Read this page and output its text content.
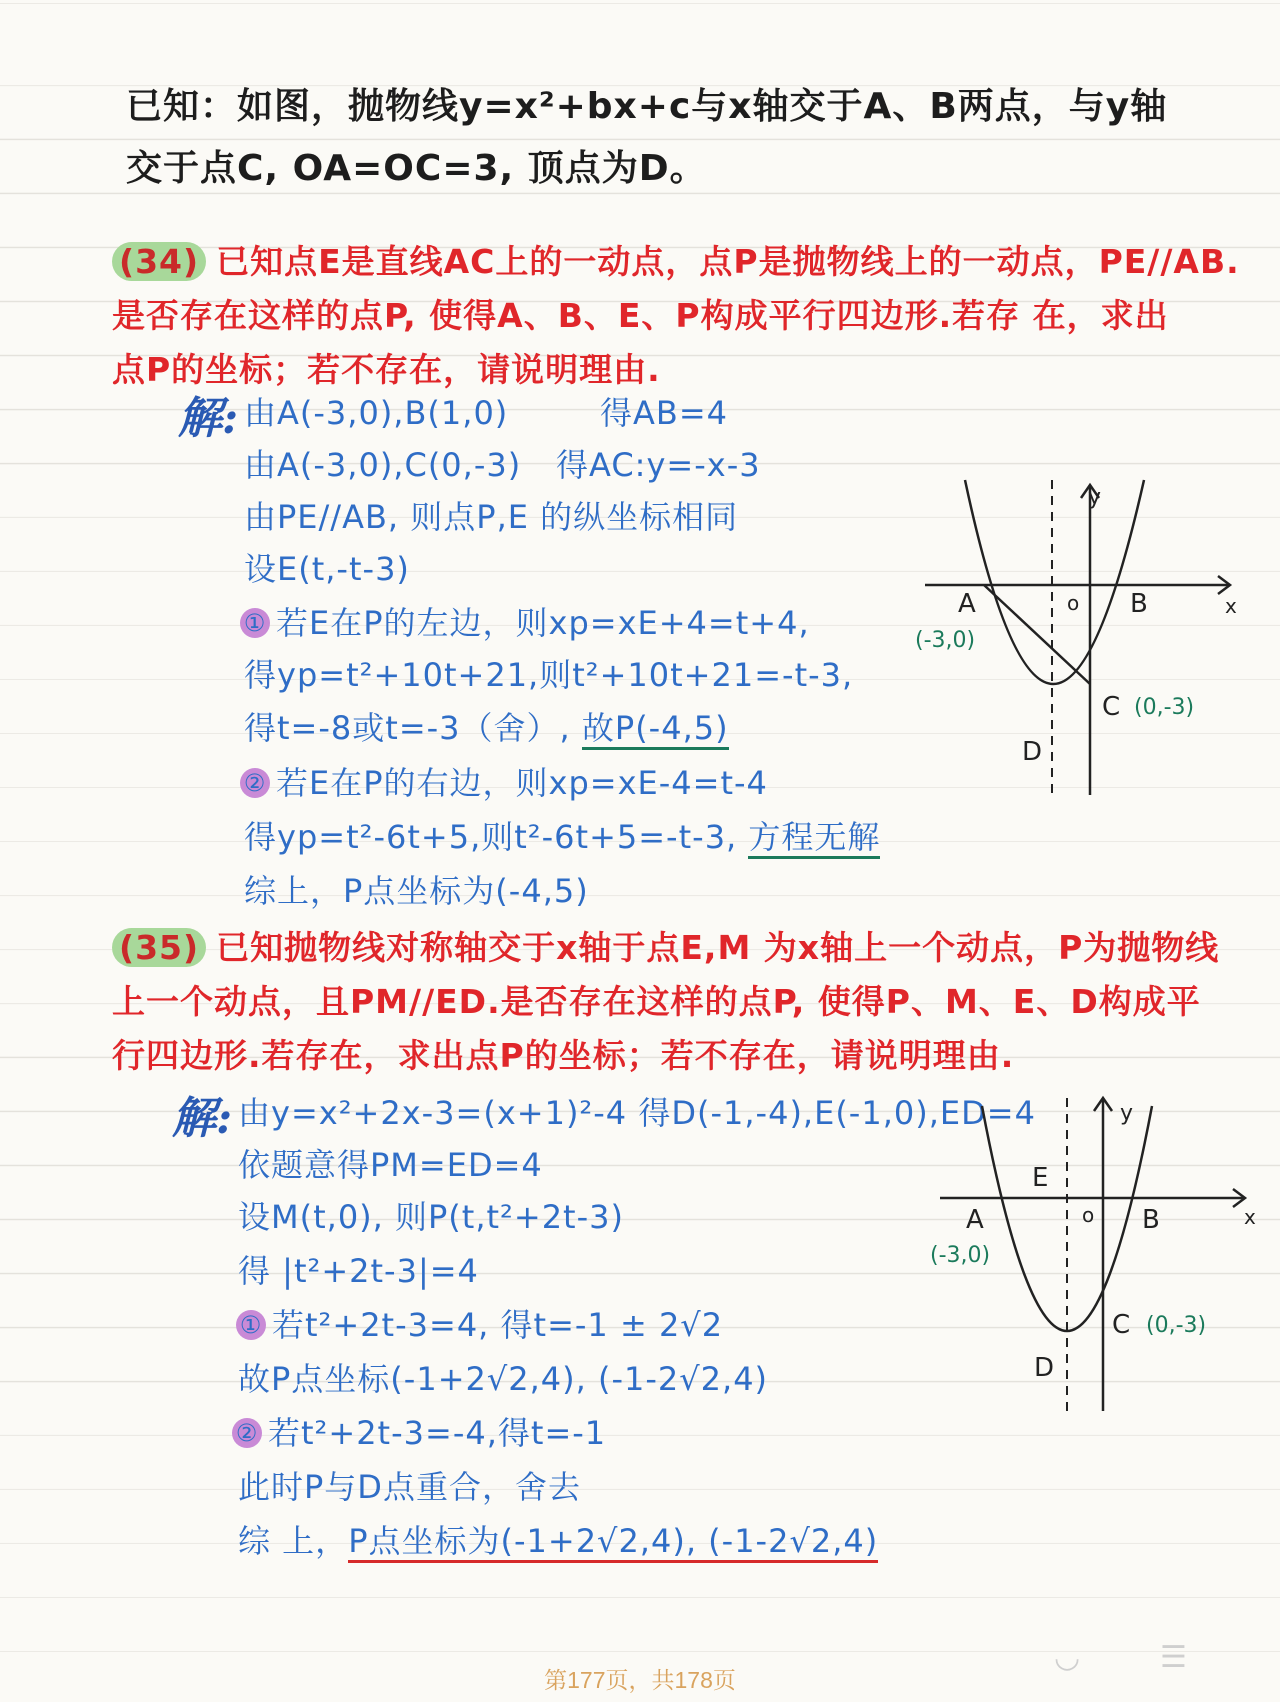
已知：如图，抛物线y=x²+bx+c与x轴交于A、B两点，与y轴
交于点C, OA=OC=3, 顶点为D。
(34) 已知点E是直线AC上的一动点，点P是抛物线上的一动点，PE//AB.
是否存在这样的点P, 使得A、B、E、P构成平行四边形.若存 在，求出
点P的坐标；若不存在，请说明理由.
解: 由A(-3,0),B(1,0)	得AB=4
由A(-3,0),C(0,-3) 得AC:y=-x-3
由PE//AB, 则点P,E 的纵坐标相同
设E(t,-t-3)
① 若E在P的左边，则xp=xE+4=t+4,
得yp=t²+10t+21,则t²+10t+21=-t-3,
得t=-8或t=-3（舍）, 故P(-4,5)
② 若E在P的右边，则xp=xE-4=t-4
得yp=t²-6t+5,则t²-6t+5=-t-3, 方程无解
综上，P点坐标为(-4,5)
y
x
o
A	B
C
D
(-3,0)
(0,-3)
(35) 已知抛物线对称轴交于x轴于点E,M 为x轴上一个动点，P为抛物线
上一个动点，且PM//ED.是否存在这样的点P, 使得P、M、E、D构成平
行四边形.若存在，求出点P的坐标；若不存在，请说明理由.
解: 由y=x²+2x-3=(x+1)²-4 得D(-1,-4),E(-1,0),ED=4
依题意得PM=ED=4
设M(t,0), 则P(t,t²+2t-3)
得 |t²+2t-3|=4
① 若t²+2t-3=4, 得t=-1 ± 2√2
故P点坐标(-1+2√2,4), (-1-2√2,4)
② 若t²+2t-3=-4,得t=-1
此时P与D点重合，舍去
综 上，P点坐标为(-1+2√2,4), (-1-2√2,4)
y
x
o
E
A	B
C
D
(-3,0)
(0,-3)
第177页，共178页
◡	☰
